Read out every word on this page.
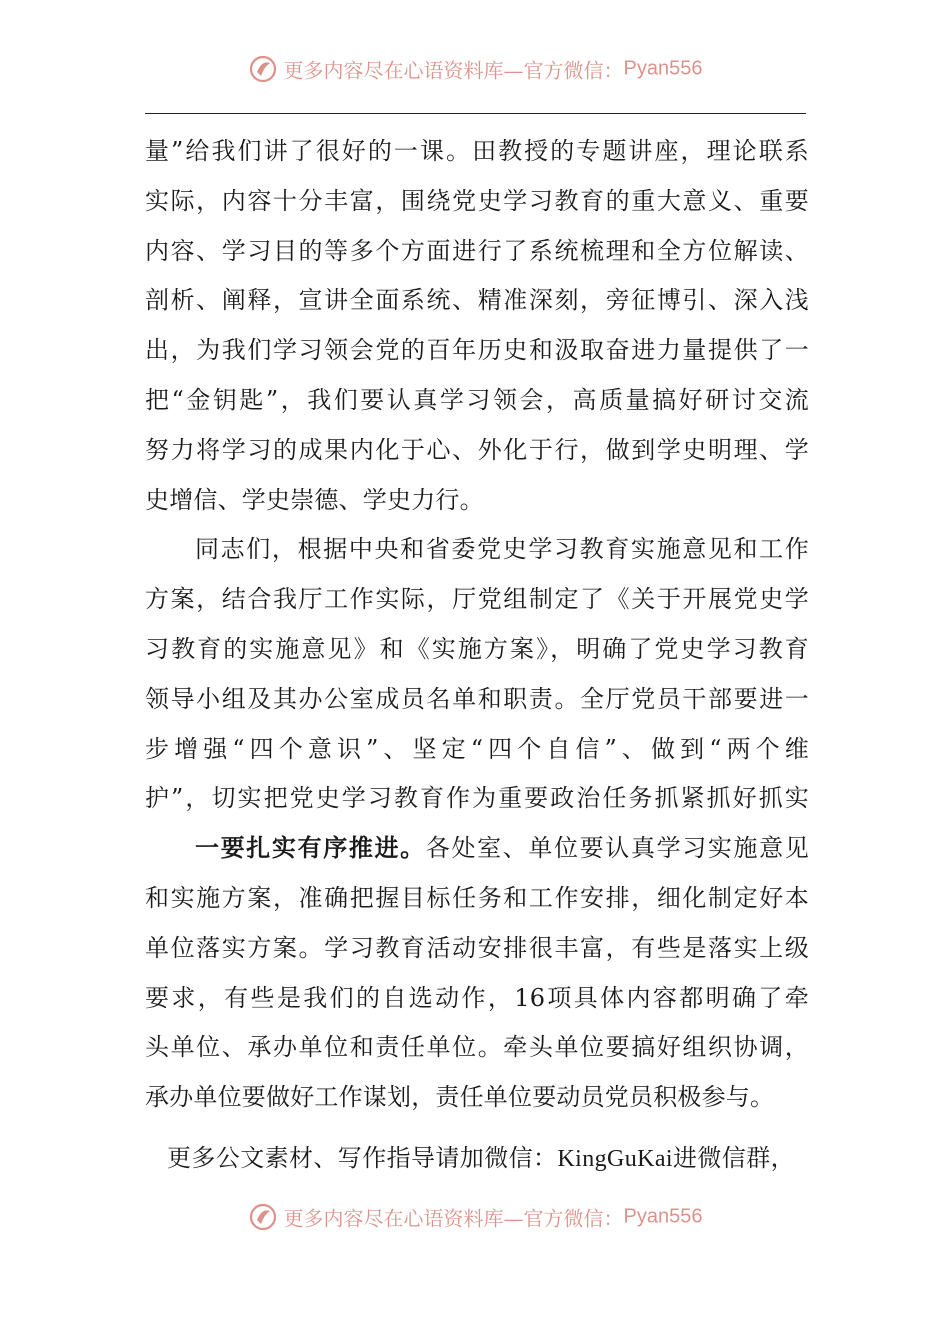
更多内容尽在心语资料库—官方微信：Pyan556
量”给我们讲了很好的一课。田教授的专题讲座，理论联系
实际，内容十分丰富，围绕党史学习教育的重大意义、重要
内容、学习目的等多个方面进行了系统梳理和全方位解读、
剖析、阐释，宣讲全面系统、精准深刻，旁征博引、深入浅
出，为我们学习领会党的百年历史和汲取奋进力量提供了一
把“金钥匙”，我们要认真学习领会，高质量搞好研讨交流
努力将学习的成果内化于心、外化于行，做到学史明理、学
史增信、学史崇德、学史力行。
同志们，根据中央和省委党史学习教育实施意见和工作
方案，结合我厅工作实际，厅党组制定了《关于开展党史学
习教育的实施意见》和《实施方案》，明确了党史学习教育
领导小组及其办公室成员名单和职责。全厅党员干部要进一
步增强“四个意识”、坚定“四个自信”、做到“两个维
护”，切实把党史学习教育作为重要政治任务抓紧抓好抓实
一要扎实有序推进。各处室、单位要认真学习实施意见
和实施方案，准确把握目标任务和工作安排，细化制定好本
单位落实方案。学习教育活动安排很丰富，有些是落实上级
要求，有些是我们的自选动作，16项具体内容都明确了牵
头单位、承办单位和责任单位。牵头单位要搞好组织协调，
承办单位要做好工作谋划，责任单位要动员党员积极参与。
更多公文素材、写作指导请加微信：KingGuKai进微信群，
更多内容尽在心语资料库—官方微信：Pyan556
